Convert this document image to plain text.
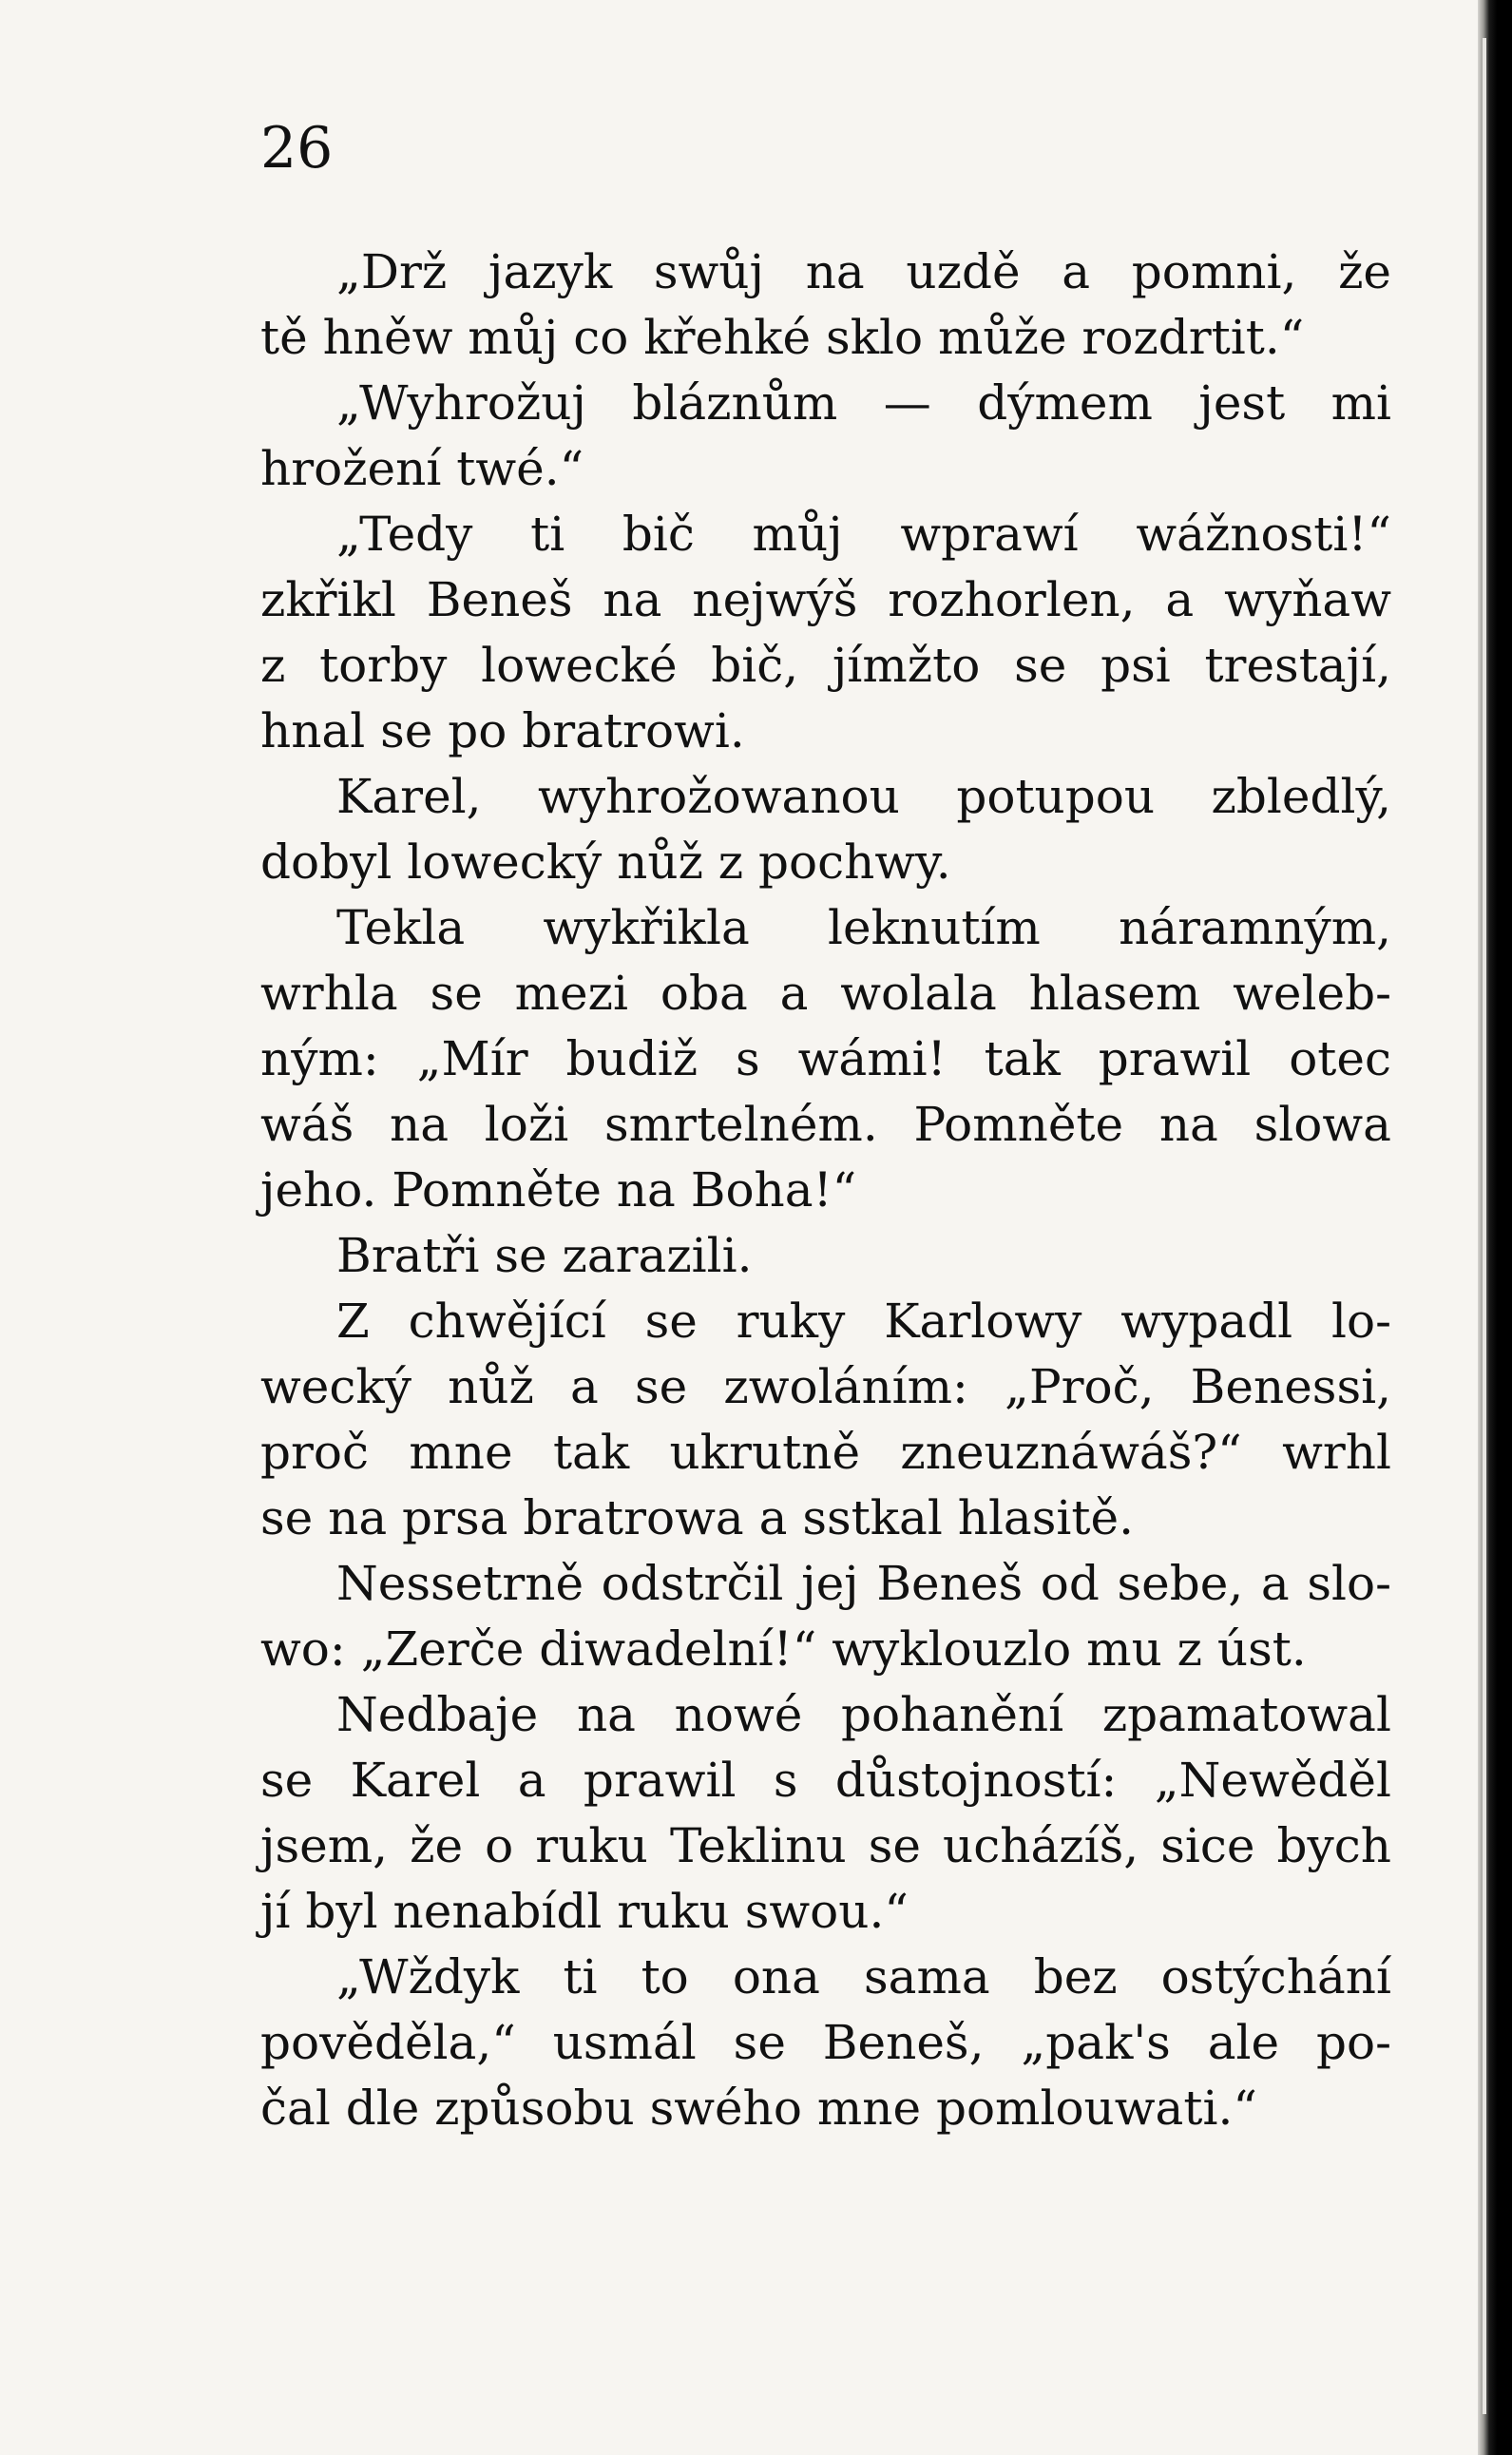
26
„Drž jazyk swůj na uzdě a pomni, že
tě hněw můj co křehké sklo může rozdrtit.“
„Wyhrožuj bláznům — dýmem jest mi
hrožení twé.“
„Tedy ti bič můj wprawí wážnosti!“
zkřikl Beneš na nejwýš rozhorlen, a wyňaw
z torby lowecké bič, jímžto se psi trestají,
hnal se po bratrowi.
Karel, wyhrožowanou potupou zbledlý,
dobyl lowecký nůž z pochwy.
Tekla wykřikla leknutím náramným,
wrhla se mezi oba a wolala hlasem weleb-
ným: „Mír budiž s wámi! tak prawil otec
wáš na loži smrtelném. Pomněte na slowa
jeho. Pomněte na Boha!“
Bratři se zarazili.
Z chwějící se ruky Karlowy wypadl lo-
wecký nůž a se zwoláním: „Proč, Benessi,
proč mne tak ukrutně zneuznáwáš?“ wrhl
se na prsa bratrowa a sstkal hlasitě.
Nessetrně odstrčil jej Beneš od sebe, a slo-
wo: „Zerče diwadelní!“ wyklouzlo mu z úst.
Nedbaje na nowé pohanění zpamatowal
se Karel a prawil s důstojností: „Newěděl
jsem, že o ruku Teklinu se ucházíš, sice bych
jí byl nenabídl ruku swou.“
„Wždyk ti to ona sama bez ostýchání
pověděla,“ usmál se Beneš, „pak's ale po-
čal dle způsobu swého mne pomlouwati.“
